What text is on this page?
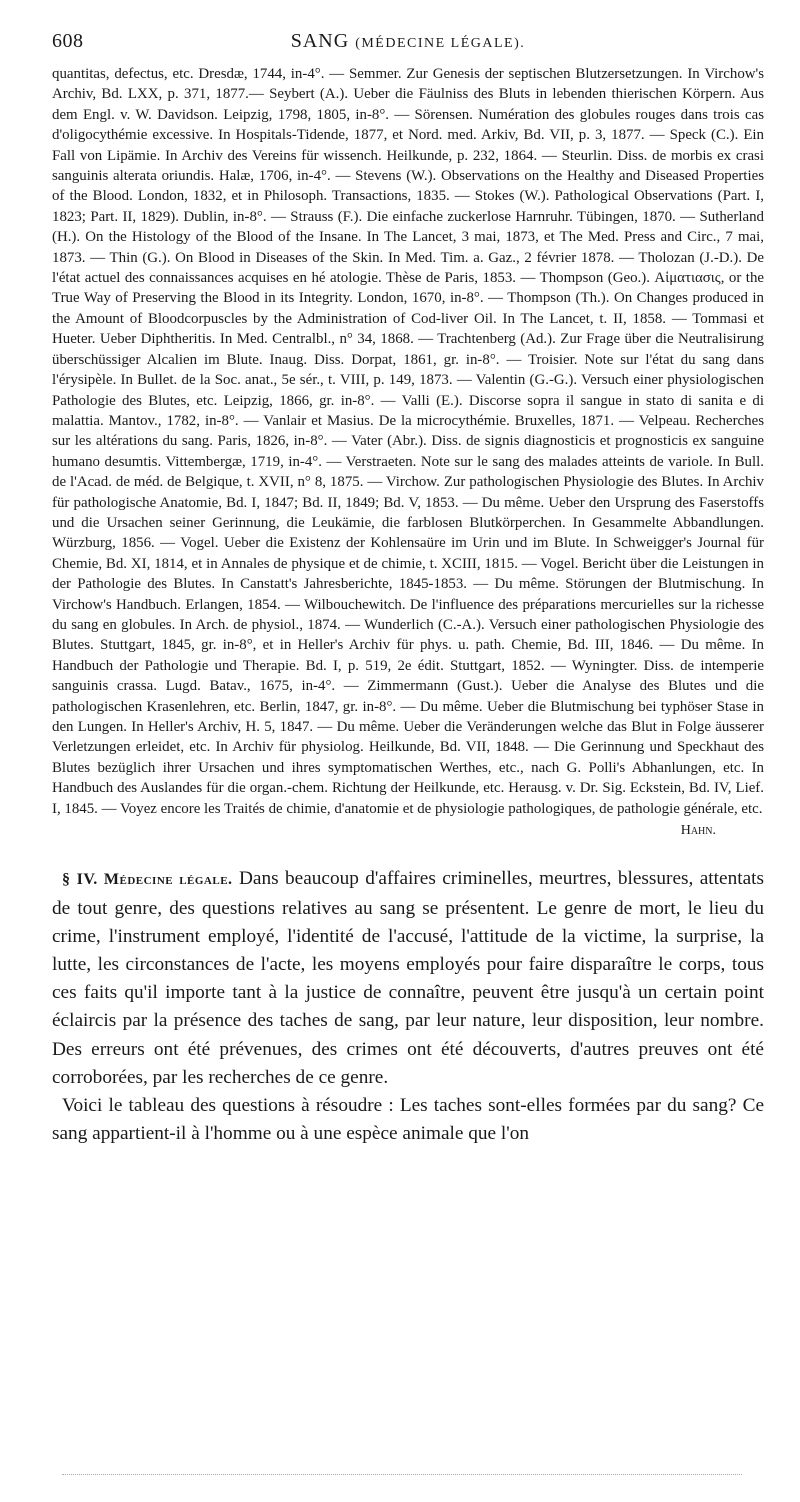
608	SANG (MÉDECINE LÉGALE).

quantitas, defectus, etc. Dresdæ, 1744, in-4°. — Semmer. Zur Genesis der septischen Blutzersetzungen. In Virchow's Archiv, Bd. LXX, p. 371, 1877.— Seybert (A.). Ueber die Fäulniss des Bluts in lebenden thierischen Körpern. Aus dem Engl. v. W. Davidson. Leipzig, 1798, 1805, in-8°. — Sörensen. Numération des globules rouges dans trois cas d'oligocythémie excessive. In Hospitals-Tidende, 1877, et Nord. med. Arkiv, Bd. VII, p. 3, 1877. — Speck (C.). Ein Fall von Lipämie. In Archiv des Vereins für wissench. Heilkunde, p. 232, 1864. — Steurlin. Diss. de morbis ex crasi sanguinis alterata oriundis. Halæ, 1706, in-4°. — Stevens (W.). Observations on the Healthy and Diseased Properties of the Blood. London, 1832, et in Philosoph. Transactions, 1835. — Stokes (W.). Pathological Observations (Part. I, 1823; Part. II, 1829). Dublin, in-8°. — Strauss (F.). Die einfache zuckerlose Harnruhr. Tübingen, 1870. — Sutherland (H.). On the Histology of the Blood of the Insane. In The Lancet, 3 mai, 1873, et The Med. Press and Circ., 7 mai, 1873. — Thin (G.). On Blood in Diseases of the Skin. In Med. Tim. a. Gaz., 2 février 1878. — Tholozan (J.-D.). De l'état actuel des connaissances acquises en hé atologie. Thèse de Paris, 1853. — Thompson (Geo.). Αἱματιασις, or the True Way of Preserving the Blood in its Integrity. London, 1670, in-8°. — Thompson (Th.). On Changes produced in the Amount of Bloodcorpuscles by the Administration of Cod-liver Oil. In The Lancet, t. II, 1858. — Tommasi et Hueter. Ueber Diphtheritis. In Med. Centralbl., n° 34, 1868. — Trachtenberg (Ad.). Zur Frage über die Neutralisirung überschüssiger Alcalien im Blute. Inaug. Diss. Dorpat, 1861, gr. in-8°. — Troisier. Note sur l'état du sang dans l'érysipèle. In Bullet. de la Soc. anat., 5e sér., t. VIII, p. 149, 1873. — Valentin (G.-G.). Versuch einer physiologischen Pathologie des Blutes, etc. Leipzig, 1866, gr. in-8°. — Valli (E.). Discorse sopra il sangue in stato di sanita e di malattia. Mantov., 1782, in-8°. — Vanlair et Masius. De la microcythémie. Bruxelles, 1871. — Velpeau. Recherches sur les altérations du sang. Paris, 1826, in-8°. — Vater (Abr.). Diss. de signis diagnosticis et prognosticis ex sanguine humano desumtis. Vittembergæ, 1719, in-4°. — Verstraeten. Note sur le sang des malades atteints de variole. In Bull. de l'Acad. de méd. de Belgique, t. XVII, n° 8, 1875. — Virchow. Zur pathologischen Physiologie des Blutes. In Archiv für pathologische Anatomie, Bd. I, 1847; Bd. II, 1849; Bd. V, 1853. — Du même. Ueber den Ursprung des Faserstoffs und die Ursachen seiner Gerinnung, die Leukämie, die farblosen Blutkörperchen. In Gesammelte Abbandlungen. Würzburg, 1856. — Vogel. Ueber die Existenz der Kohlensaüre im Urin und im Blute. In Schweigger's Journal für Chemie, Bd. XI, 1814, et in Annales de physique et de chimie, t. XCIII, 1815. — Vogel. Bericht über die Leistungen in der Pathologie des Blutes. In Canstatt's Jahresberichte, 1845-1853. — Du même. Störungen der Blutmischung. In Virchow's Handbuch. Erlangen, 1854. — Wilbouchewitch. De l'influence des préparations mercurielles sur la richesse du sang en globules. In Arch. de physiol., 1874. — Wunderlich (C.-A.). Versuch einer pathologischen Physiologie des Blutes. Stuttgart, 1845, gr. in-8°, et in Heller's Archiv für phys. u. path. Chemie, Bd. III, 1846. — Du même. In Handbuch der Pathologie und Therapie. Bd. I, p. 519, 2e édit. Stuttgart, 1852. — Wyningter. Diss. de intemperie sanguinis crassa. Lugd. Batav., 1675, in-4°. — Zimmermann (Gust.). Ueber die Analyse des Blutes und die pathologischen Krasenlehren, etc. Berlin, 1847, gr. in-8°. — Du même. Ueber die Blutmischung bei typhöser Stase in den Lungen. In Heller's Archiv, H. 5, 1847. — Du même. Ueber die Veränderungen welche das Blut in Folge äusserer Verletzungen erleidet, etc. In Archiv für physiolog. Heilkunde, Bd. VII, 1848. — Die Gerinnung und Speckhaut des Blutes bezüglich ihrer Ursachen und ihres symptomatischen Werthes, etc., nach G. Polli's Abhanlungen, etc. In Handbuch des Auslandes für die organ.-chem. Richtung der Heilkunde, etc. Herausg. v. Dr. Sig. Eckstein, Bd. IV, Lief. I, 1845. — Voyez encore les Traités de chimie, d'anatomie et de physiologie pathologiques, de pathologie générale, etc.

Hahn.

§ IV. Médecine légale. Dans beaucoup d'affaires criminelles, meurtres, blessures, attentats de tout genre, des questions relatives au sang se présentent. Le genre de mort, le lieu du crime, l'instrument employé, l'identité de l'accusé, l'attitude de la victime, la surprise, la lutte, les circonstances de l'acte, les moyens employés pour faire disparaître le corps, tous ces faits qu'il importe tant à la justice de connaître, peuvent être jusqu'à un certain point éclaircis par la présence des taches de sang, par leur nature, leur disposition, leur nombre. Des erreurs ont été prévenues, des crimes ont été découverts, d'autres preuves ont été corroborées, par les recherches de ce genre.

Voici le tableau des questions à résoudre : Les taches sont-elles formées par du sang? Ce sang appartient-il à l'homme ou à une espèce animale que l'on
